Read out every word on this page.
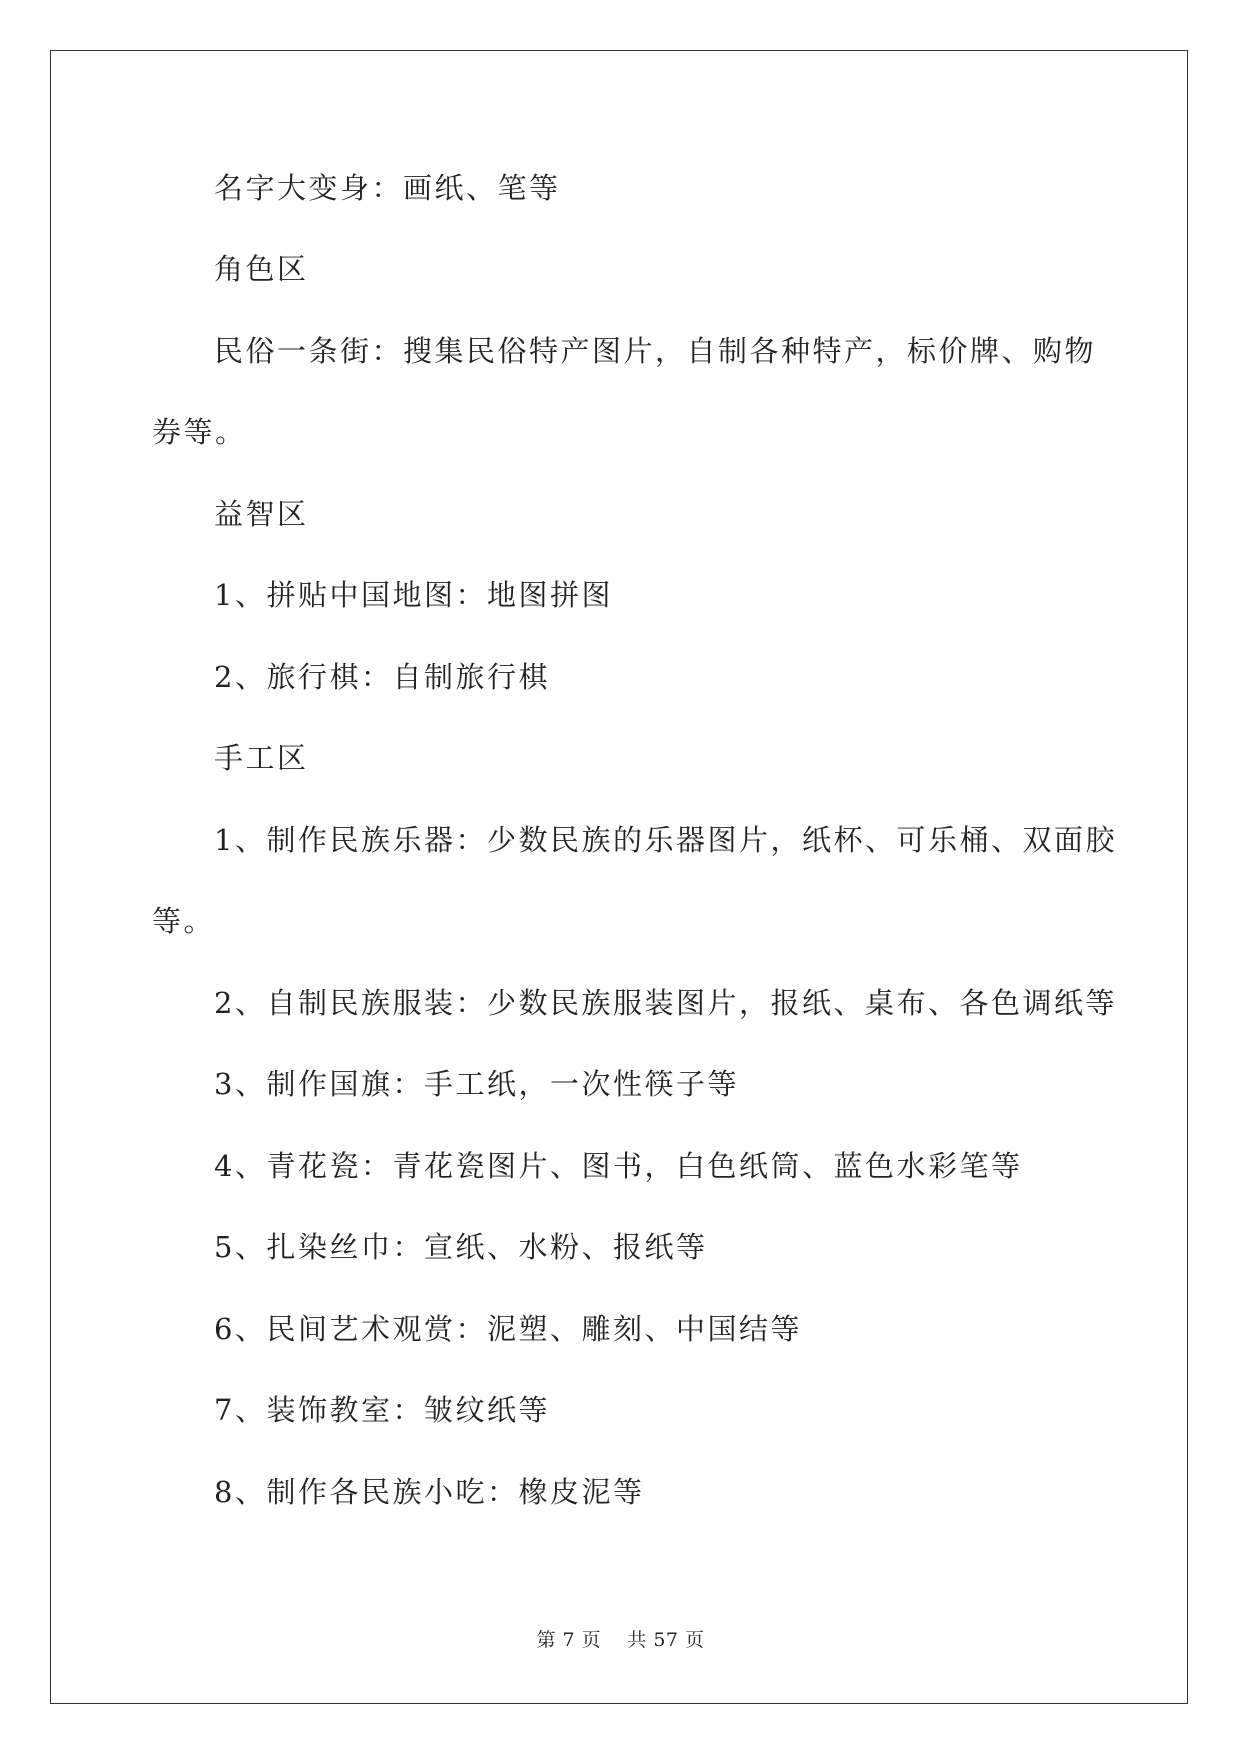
名字大变身：画纸、笔等
角色区
民俗一条街：搜集民俗特产图片，自制各种特产，标价牌、购物
券等。
益智区
1、拼贴中国地图：地图拼图
2、旅行棋：自制旅行棋
手工区
1、制作民族乐器：少数民族的乐器图片，纸杯、可乐桶、双面胶
等。
2、自制民族服装：少数民族服装图片，报纸、桌布、各色调纸等
3、制作国旗：手工纸，一次性筷子等
4、青花瓷：青花瓷图片、图书，白色纸筒、蓝色水彩笔等
5、扎染丝巾：宣纸、水粉、报纸等
6、民间艺术观赏：泥塑、雕刻、中国结等
7、装饰教室：皱纹纸等
8、制作各民族小吃：橡皮泥等
第 7 页    共 57 页
